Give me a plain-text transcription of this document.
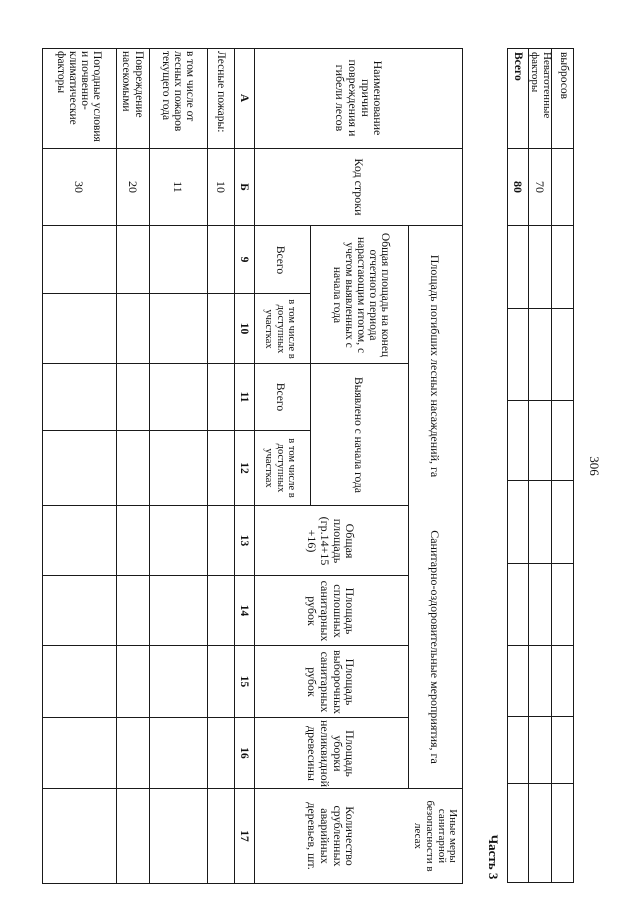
306
Часть 3
выбросов
Неватотенные факторы
70
Всего
80
Наименование причин повреждения и гибели лесов
Код строки
Площадь погибших лесных насаждений, га
Общая площадь на конец отчетного периода нарастающим итогом, с учетом выявленных с начала года
Всего
в том числе в доступных участках
Выявлено с начала года
Всего
в том числе в доступных участках
Санитарно-оздоровительные мероприятия, га
Общая площадь (гр.14+15 +16)
Площадь сплошных санитарных рубок
Площадь выборочных санитарных рубок
Площадь уборки неликвидной древесины
Иные меры санитарной безопасности в лесах
Количество срубленных аварийных деревьев, шт.
А
Б
9
10
11
12
13
14
15
16
17
Лесные пожары:
10
в том числе от лесных пожаров текущего года
11
Повреждение насекомыми
20
Погодные условия и почвенно-климатические факторы
30
